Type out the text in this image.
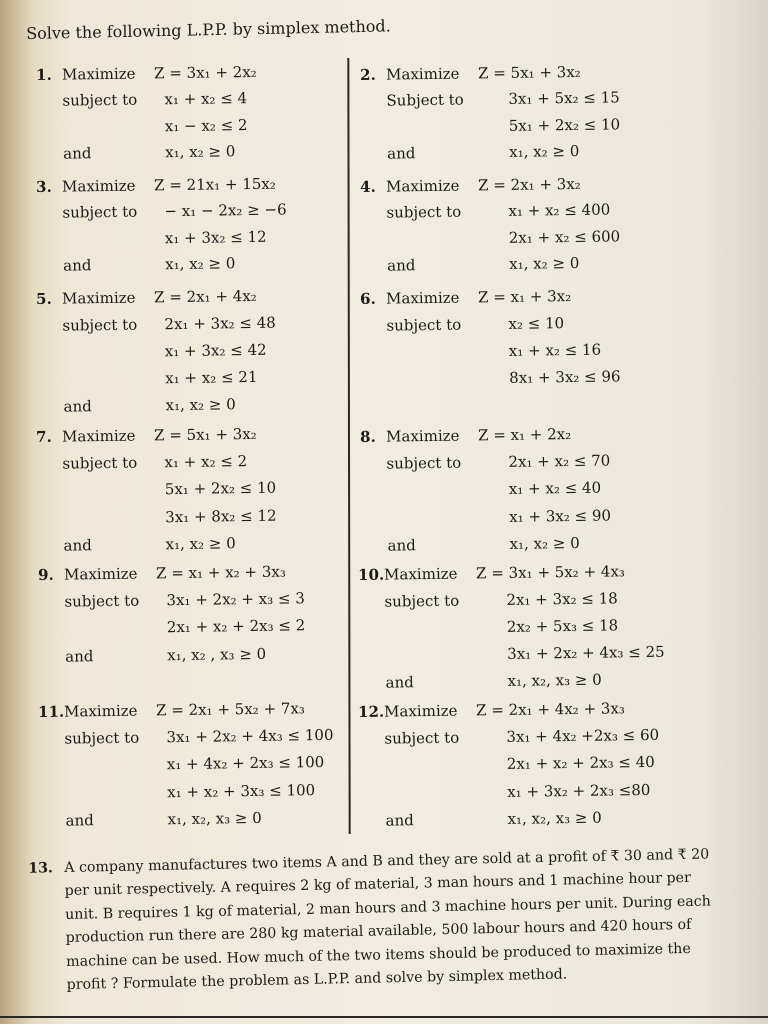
Solve the following L.P.P. by simplex method.
1. Maximize Z = 3x₁ + 2x₂
subject to x₁ + x₂ ≤ 4
x₁ − x₂ ≤ 2
and	x₁, x₂ ≥ 0
2. Maximize Z = 5x₁ + 3x₂
Subject to	3x₁ + 5x₂ ≤ 15
5x₁ + 2x₂ ≤ 10
and	x₁, x₂ ≥ 0
3. Maximize Z = 21x₁ + 15x₂
subject to − x₁ − 2x₂ ≥ −6
x₁ + 3x₂ ≤ 12
and	x₁, x₂ ≥ 0
4. Maximize Z = 2x₁ + 3x₂
subject to	x₁ + x₂ ≤ 400
2x₁ + x₂ ≤ 600
and	x₁, x₂ ≥ 0
5. Maximize Z = 2x₁ + 4x₂
subject to 2x₁ + 3x₂ ≤ 48
x₁ + 3x₂ ≤ 42
x₁ + x₂ ≤ 21
and	x₁, x₂ ≥ 0
6. Maximize Z = x₁ + 3x₂
subject to	x₂ ≤ 10
x₁ + x₂ ≤ 16
8x₁ + 3x₂ ≤ 96
7. Maximize Z = 5x₁ + 3x₂
subject to x₁ + x₂ ≤ 2
5x₁ + 2x₂ ≤ 10
3x₁ + 8x₂ ≤ 12
and	x₁, x₂ ≥ 0
8. Maximize Z = x₁ + 2x₂
subject to	2x₁ + x₂ ≤ 70
x₁ + x₂ ≤ 40
x₁ + 3x₂ ≤ 90
and	x₁, x₂ ≥ 0
9. Maximize Z = x₁ + x₂ + 3x₃
subject to 3x₁ + 2x₂ + x₃ ≤ 3
2x₁ + x₂ + 2x₃ ≤ 2
and	x₁, x₂ , x₃ ≥ 0
10. Maximize Z = 3x₁ + 5x₂ + 4x₃
subject to	2x₁ + 3x₂ ≤ 18
2x₂ + 5x₃ ≤ 18
3x₁ + 2x₂ + 4x₃ ≤ 25
and	x₁, x₂, x₃ ≥ 0
11. Maximize Z = 2x₁ + 5x₂ + 7x₃
subject to 3x₁ + 2x₂ + 4x₃ ≤ 100
x₁ + 4x₂ + 2x₃ ≤ 100
x₁ + x₂ + 3x₃ ≤ 100
and	x₁, x₂, x₃ ≥ 0
12. Maximize Z = 2x₁ + 4x₂ + 3x₃
subject to	3x₁ + 4x₂ +2x₃ ≤ 60
2x₁ + x₂ + 2x₃ ≤ 40
x₁ + 3x₂ + 2x₃ ≤80
and	x₁, x₂, x₃ ≥ 0
13. A company manufactures two items A and B and they are sold at a profit of ₹ 30 and ₹ 20 per unit respectively. A requires 2 kg of material, 3 man hours and 1 machine hour per unit. B requires 1 kg of material, 2 man hours and 3 machine hours per unit. During each production run there are 280 kg material available, 500 labour hours and 420 hours of machine can be used. How much of the two items should be produced to maximize the profit ? Formulate the problem as L.P.P. and solve by simplex method.
